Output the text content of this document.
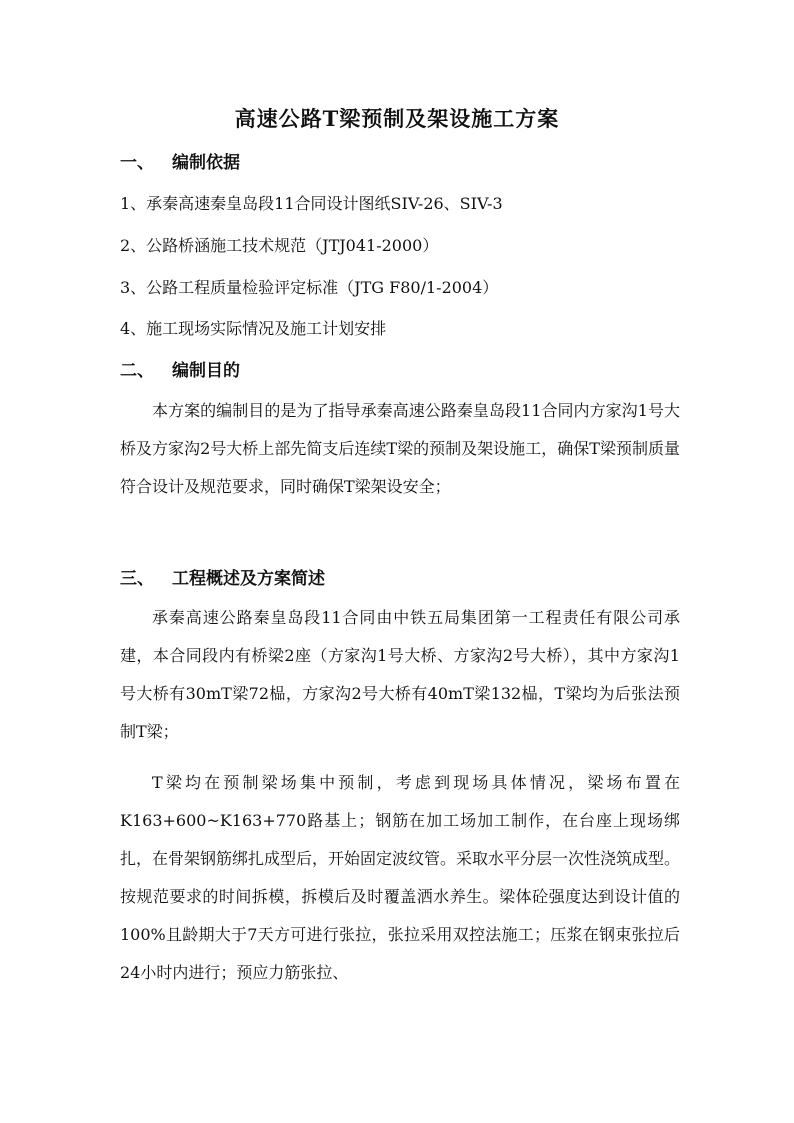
高速公路T梁预制及架设施工方案
一、 编制依据
1、承秦高速秦皇岛段11合同设计图纸SIV-26、SIV-3
2、公路桥涵施工技术规范（JTJ041-2000）
3、公路工程质量检验评定标准（JTG F80/1-2004）
4、施工现场实际情况及施工计划安排
二、 编制目的

本方案的编制目的是为了指导承秦高速公路秦皇岛段11合同内方家沟1号大桥及方家沟2号大桥上部先简支后连续T梁的预制及架设施工，确保T梁预制质量符合设计及规范要求，同时确保T梁架设安全；

三、 工程概述及方案简述

承秦高速公路秦皇岛段11合同由中铁五局集团第一工程责任有限公司承建，本合同段内有桥梁2座（方家沟1号大桥、方家沟2号大桥），其中方家沟1号大桥有30mT梁72榀，方家沟2号大桥有40mT梁132榀，T梁均为后张法预制T梁；

T梁均在预制梁场集中预制，考虑到现场具体情况，梁场布置在K163+600~K163+770路基上；钢筋在加工场加工制作，在台座上现场绑扎，在骨架钢筋绑扎成型后，开始固定波纹管。采取水平分层一次性浇筑成型。按规范要求的时间拆模，拆模后及时覆盖洒水养生。梁体砼强度达到设计值的100%且龄期大于7天方可进行张拉，张拉采用双控法施工；压浆在钢束张拉后24小时内进行；预应力筋张拉、
